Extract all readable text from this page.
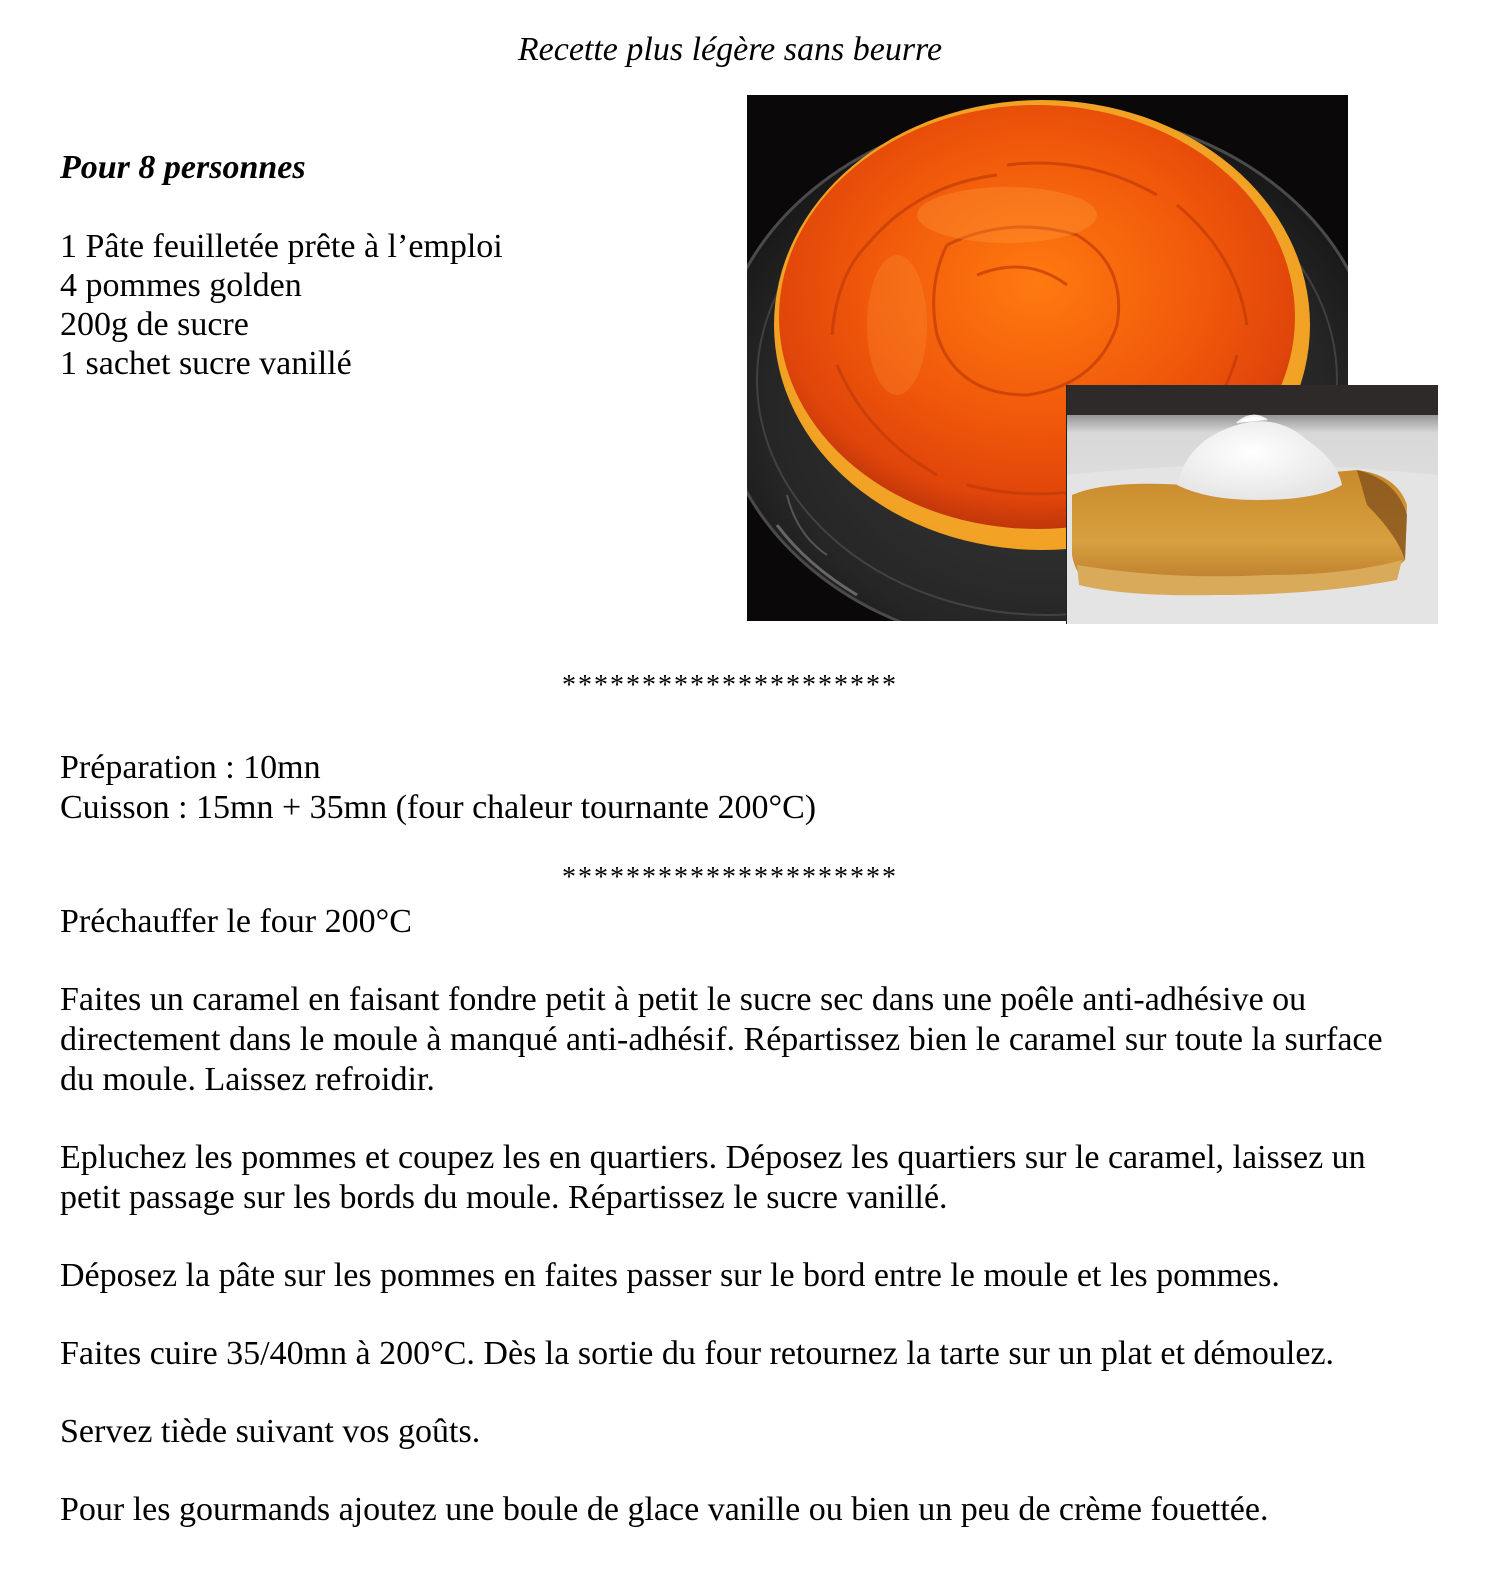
Recette plus légère sans beurre
Pour 8 personnes
1 Pâte feuilletée prête à l’emploi
4 pommes golden
200g de sucre
1 sachet sucre vanillé
*********************
Préparation : 10mn
Cuisson : 15mn + 35mn (four chaleur tournante 200°C)
*********************

Préchauffer le four 200°C

Faites un caramel en faisant fondre petit à petit le sucre sec dans une poêle anti-adhésive ou directement dans le moule à manqué anti-adhésif. Répartissez bien le caramel sur toute la surface du moule. Laissez refroidir.

Epluchez les pommes et coupez les en quartiers. Déposez les quartiers sur le caramel, laissez un petit passage sur les bords du moule. Répartissez le sucre vanillé.

Déposez la pâte sur les pommes en faites passer sur le bord entre le moule et les pommes.

Faites cuire 35/40mn à 200°C. Dès la sortie du four retournez la tarte sur un plat et démoulez.

Servez tiède suivant vos goûts.

Pour les gourmands ajoutez une boule de glace vanille ou bien un peu de crème fouettée.
